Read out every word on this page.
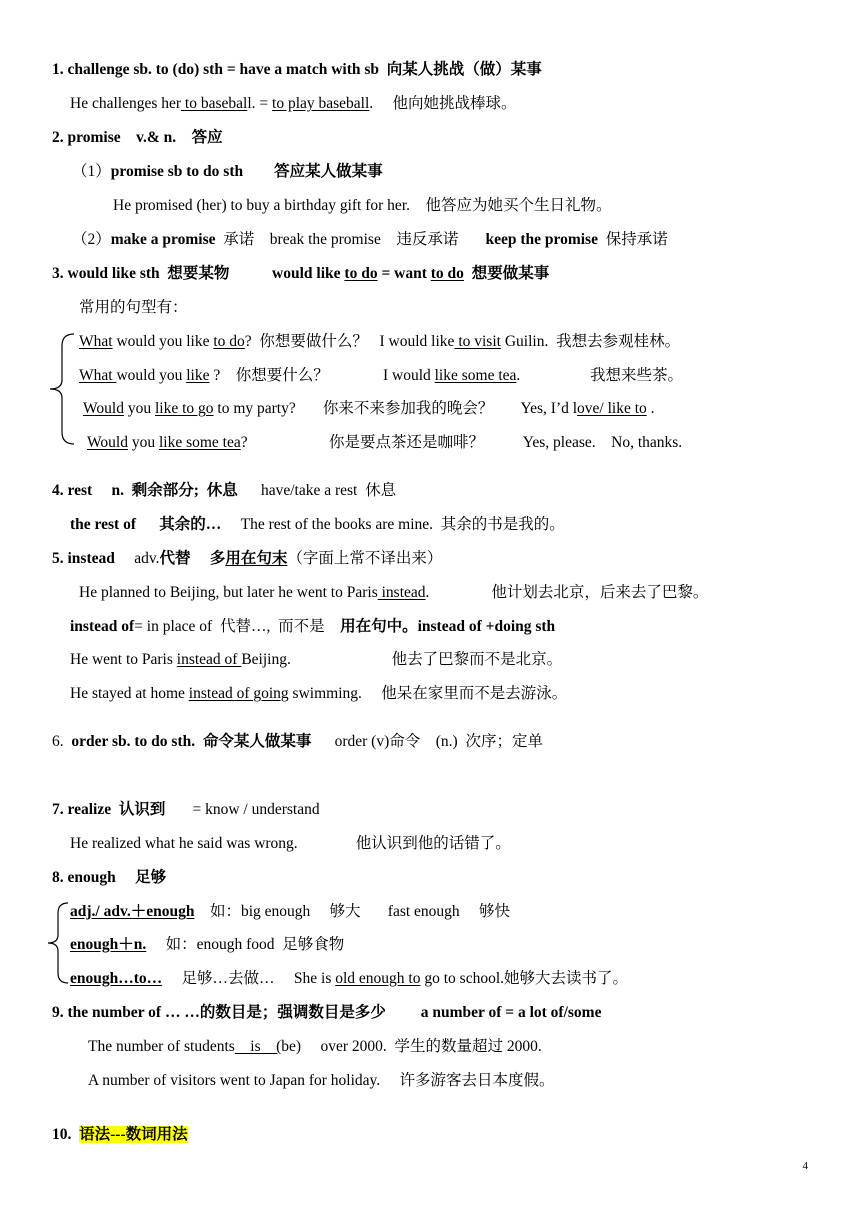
1. challenge sb. to (do) sth = have a match with sb  向某人挑战（做）某事
He challenges her to baseball. = to play baseball.     他向她挑战棒球。
2. promise    v.& n.    答应
（1）promise sb to do sth        答应某人做某事
He promised (her) to buy a birthday gift for her.    他答应为她买个生日礼物。
（2）make a promise  承诺    break the promise    违反承诺       keep the promise  保持承诺
3. would like sth  想要某物           would like to do = want to do  想要做某事
常用的句型有：
What would you like to do?  你想要做什么？   I would like to visit Guilin.  我想去参观桂林。
What would you like ?    你想要什么？              I would like some tea.                  我想来些茶。
Would you like to go to my party?       你来不来参加我的晚会？       Yes, I’d love/ like to .
Would you like some tea?                     你是要点茶还是咖啡？          Yes, please.    No, thanks.
4. rest     n.  剩余部分;  休息      have/take a rest  休息
the rest of      其余的…     The rest of the books are mine.  其余的书是我的。
5. instead     adv.代替     多用在句末（字面上常不译出来）
He planned to Beijing, but later he went to Paris instead.                他计划去北京，后来去了巴黎。
instead of= in place of  代替…,  而不是    用在句中。instead of +doing sth
He went to Paris instead of Beijing.                          他去了巴黎而不是北京。
He stayed at home instead of going swimming.     他呆在家里而不是去游泳。
6.  order sb. to do sth.  命令某人做某事      order (v)命令    (n.)  次序；定单
7. realize  认识到       = know / understand
He realized what he said was wrong.               他认识到他的话错了。
8. enough     足够
adj./ adv.＋enough    如：big enough     够大       fast enough     够快
enough＋n.     如：enough food  足够食物
enough…to…     足够…去做…     She is old enough to go to school.她够大去读书了。
9. the number of … …的数目是；强调数目是多少         a number of = a lot of/some
The number of students    is    (be)     over 2000.  学生的数量超过 2000.
A number of visitors went to Japan for holiday.     许多游客去日本度假。
10.  语法---数词用法
4
